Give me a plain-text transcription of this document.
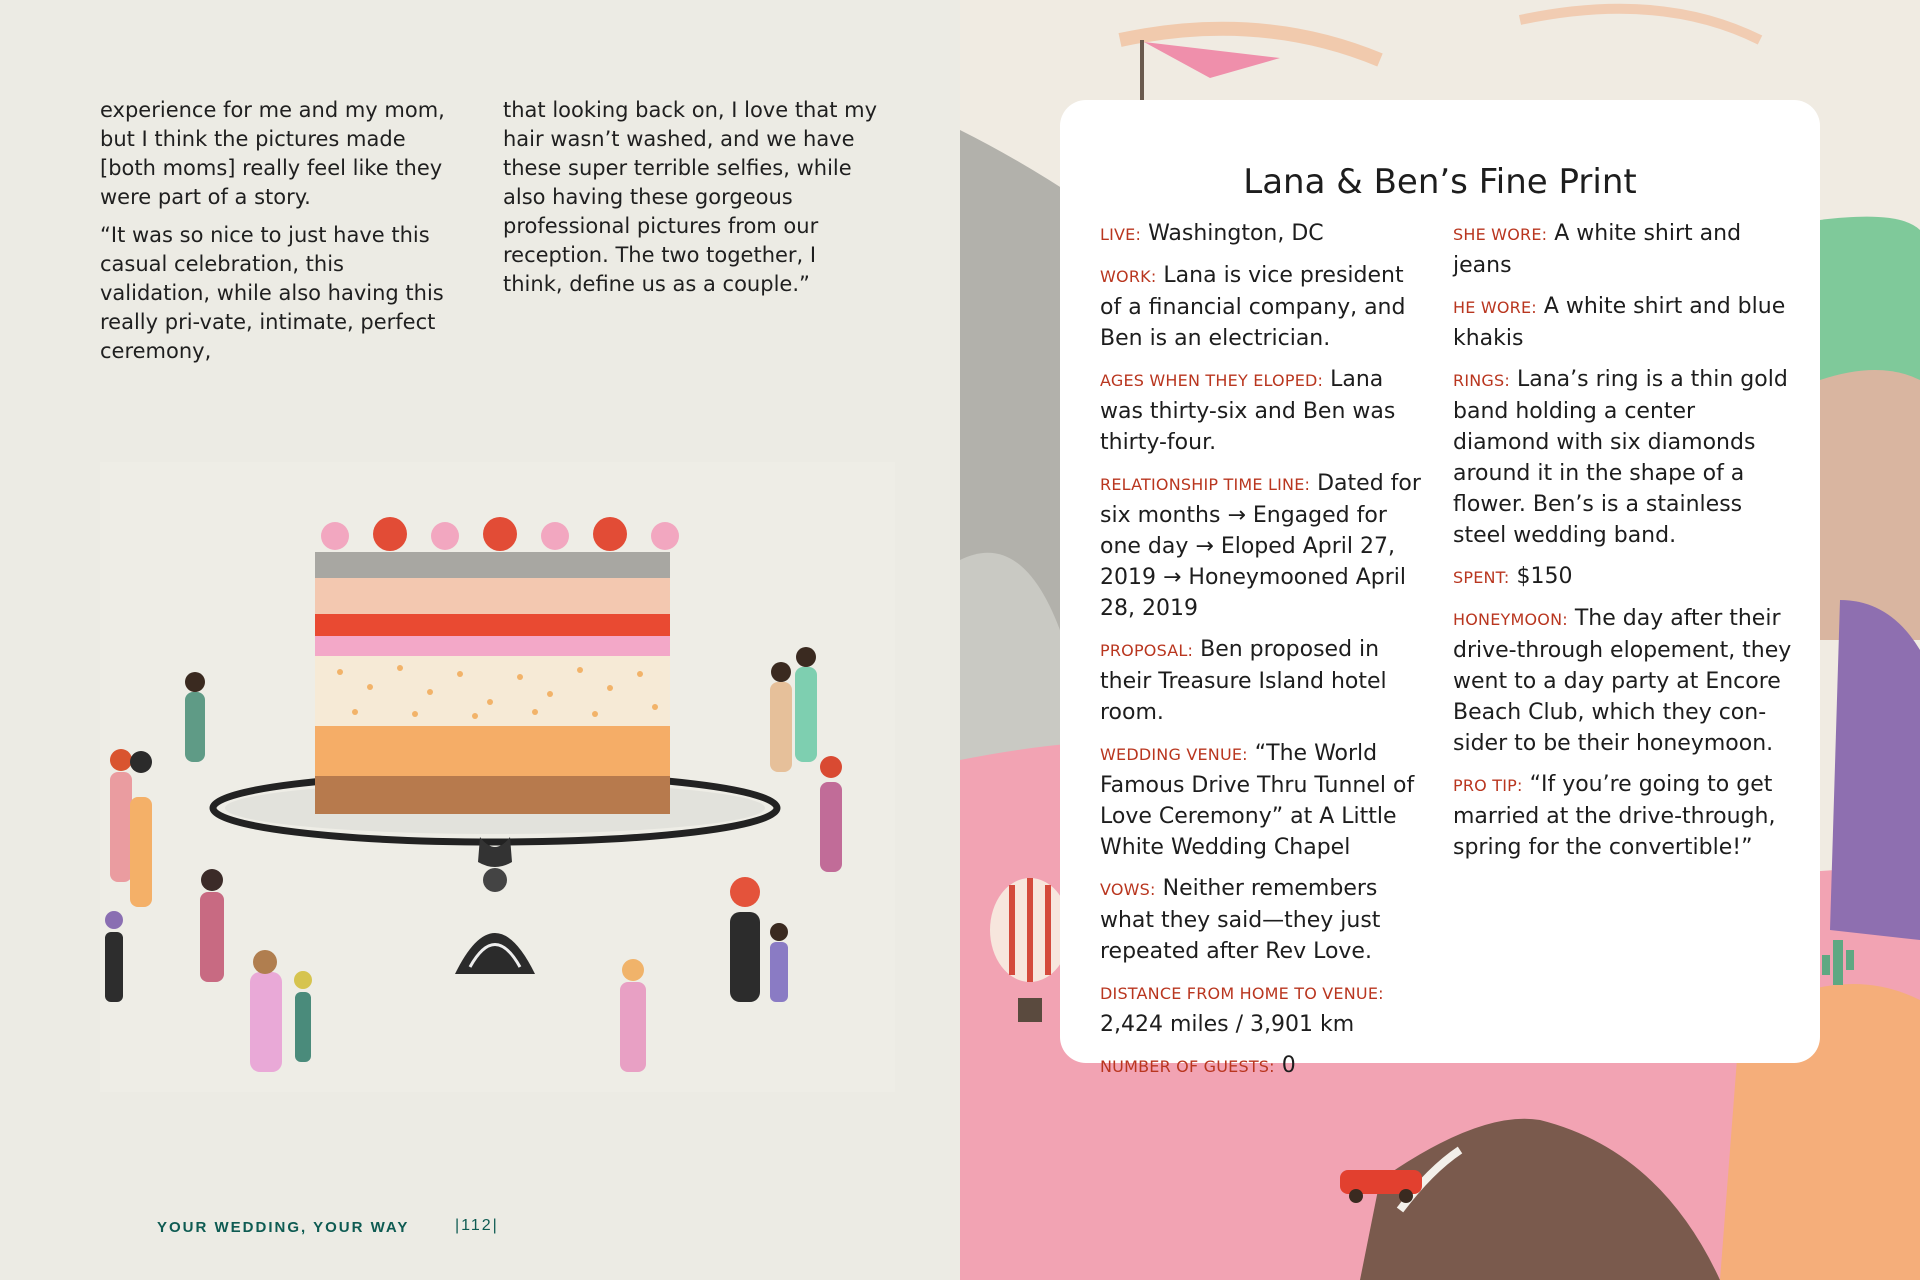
experience for me and my mom, but I think the pictures made [both moms] really feel like they were part of a story.

“It was so nice to just have this casual celebration, this validation, while also having this really pri-vate, intimate, perfect ceremony,

that looking back on, I love that my hair wasn’t washed, and we have these super terrible selfies, while also having these gorgeous professional pictures from our reception. The two together, I think, define us as a couple.”

YOUR WEDDING, YOUR WAY	|112|
Lana & Ben’s Fine Print
LIVE: Washington, DC
WORK: Lana is vice president of a financial company, and Ben is an electrician.
AGES WHEN THEY ELOPED: Lana was thirty-six and Ben was thirty-four.
RELATIONSHIP TIME LINE: Dated for six months → Engaged for one day → Eloped April 27, 2019 → Honeymooned April 28, 2019
PROPOSAL: Ben proposed in their Treasure Island hotel room.
WEDDING VENUE: “The World Famous Drive Thru Tunnel of Love Ceremony” at A Little White Wedding Chapel
VOWS: Neither remembers what they said—they just repeated after Rev Love.
DISTANCE FROM HOME TO VENUE: 2,424 miles / 3,901 km
NUMBER OF GUESTS: 0
SHE WORE: A white shirt and jeans
HE WORE: A white shirt and blue khakis
RINGS: Lana’s ring is a thin gold band holding a center diamond with six diamonds around it in the shape of a flower. Ben’s is a stainless steel wedding band.
SPENT: $150
HONEYMOON: The day after their drive-through elopement, they went to a day party at Encore Beach Club, which they con-sider to be their honeymoon.
PRO TIP: “If you’re going to get married at the drive-through, spring for the convertible!”
